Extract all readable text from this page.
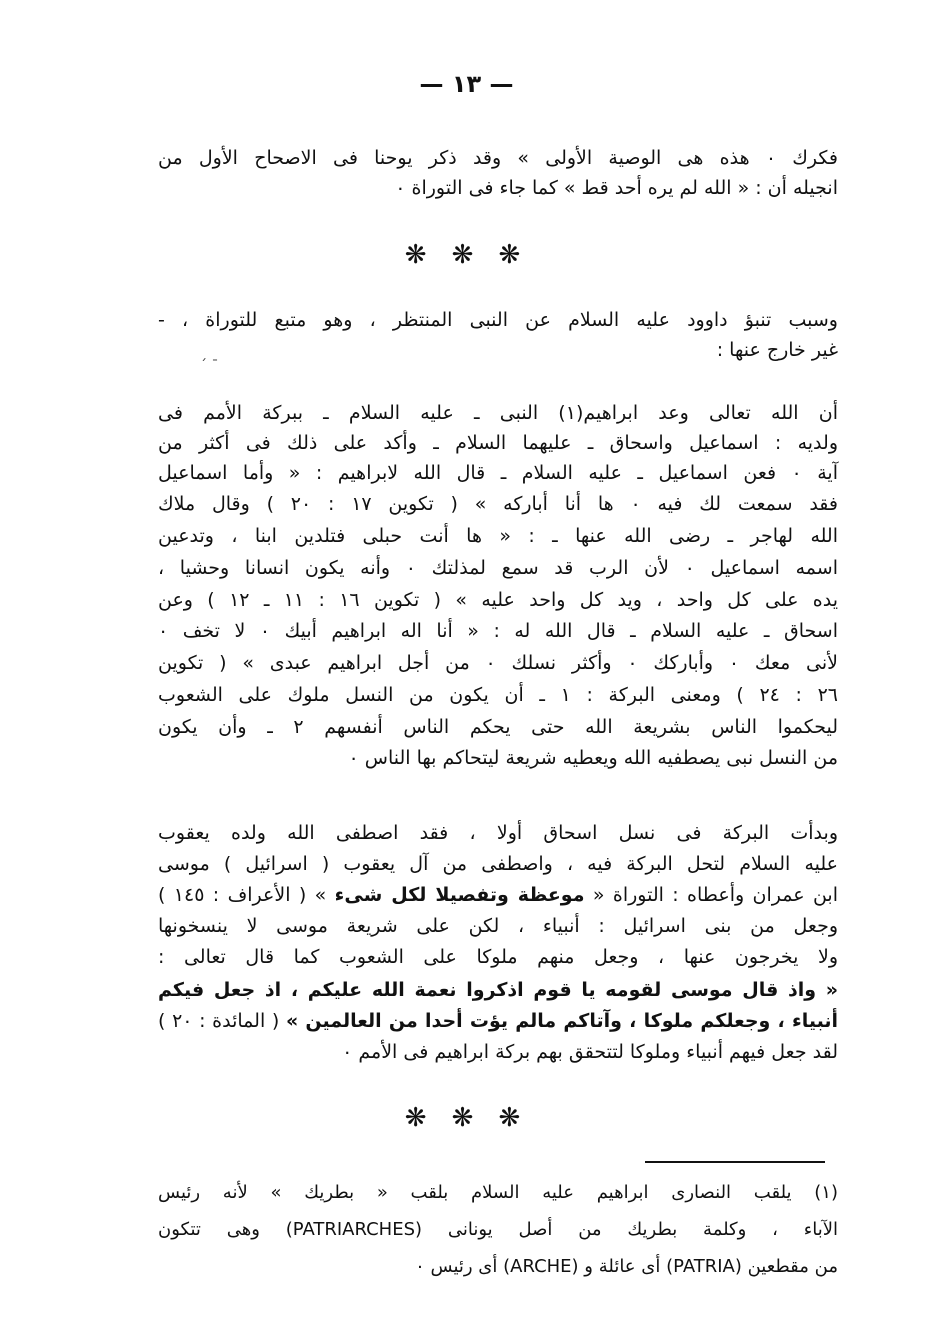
— ١٣ —
فكرك ٠ هذه هى الوصية الأولى » وقد ذكر يوحنا فى الاصحاح الأول من
انجيله أن : « الله لم يره أحد قط » كما جاء فى التوراة ٠
❋ ❋ ❋
وسبب تنبؤ داوود عليه السلام عن النبى المنتظر ، وهو متبع للتوراة ، -
غير خارج عنها :
ˊ ˉ
أن الله تعالى وعد ابراهيم(١) النبى ـ عليه السلام ـ ببركة الأمم فى
ولديه : اسماعيل واسحاق ـ عليهما السلام ـ وأكد على ذلك فى أكثر من
آية ٠ فعن اسماعيل ـ عليه السلام ـ قال الله لابراهيم : « وأما اسماعيل
فقد سمعت لك فيه ٠ ها أنا أباركه » ( تكوين ١٧ : ٢٠ ) وقال ملاك
الله لهاجر ـ رضى الله عنها ـ : « ها أنت حبلى فتلدين ابنا ، وتدعين
اسمه اسماعيل ٠ لأن الرب قد سمع لمذلتك ٠ وأنه يكون انسانا وحشيا ،
يده على كل واحد ، ويد كل واحد عليه » ( تكوين ١٦ : ١١ ـ ١٢ ) وعن
اسحاق ـ عليه السلام ـ قال الله له : « أنا اله ابراهيم أبيك ٠ لا تخف ٠
لأنى معك ٠ وأباركك ٠ وأكثر نسلك ٠ من أجل ابراهيم عبدى » ( تكوين
٢٦ : ٢٤ ) ومعنى البركة : ١ ـ أن يكون من النسل ملوك على الشعوب
ليحكموا الناس بشريعة الله حتى يحكم الناس أنفسهم ٢ ـ وأن يكون
من النسل نبى يصطفيه الله ويعطيه شريعة ليتحاكم بها الناس ٠
وبدأت البركة فى نسل اسحاق أولا ، فقد اصطفى الله ولده يعقوب
عليه السلام لتحل البركة فيه ، واصطفى من آل يعقوب ( اسرائيل ) موسى
ابن عمران وأعطاه : التوراة « موعظة وتفصيلا لكل شىء » ( الأعراف : ١٤٥ )
وجعل من بنى اسرائيل : أنبياء ، لكن على شريعة موسى لا ينسخونها
ولا يخرجون عنها ، وجعل منهم ملوكا على الشعوب كما قال تعالى :
« واذ قال موسى لقومه يا قوم اذكروا نعمة الله عليكم ، اذ جعل فيكم
أنبياء ، وجعلكم ملوكا ، وآتاكم مالم يؤت أحدا من العالمين » ( المائدة : ٢٠ )
لقد جعل فيهم أنبياء وملوكا لتتحقق بهم بركة ابراهيم فى الأمم ٠
❋ ❋ ❋
(١) يلقب النصارى ابراهيم عليه السلام بلقب « بطريك » لأنه رئيس
الآباء ، وكلمة بطريك من أصل يونانى (PATRIARCHES) وهى تتكون
من مقطعين (PATRIA) أى عائلة و (ARCHE) أى رئيس ٠
